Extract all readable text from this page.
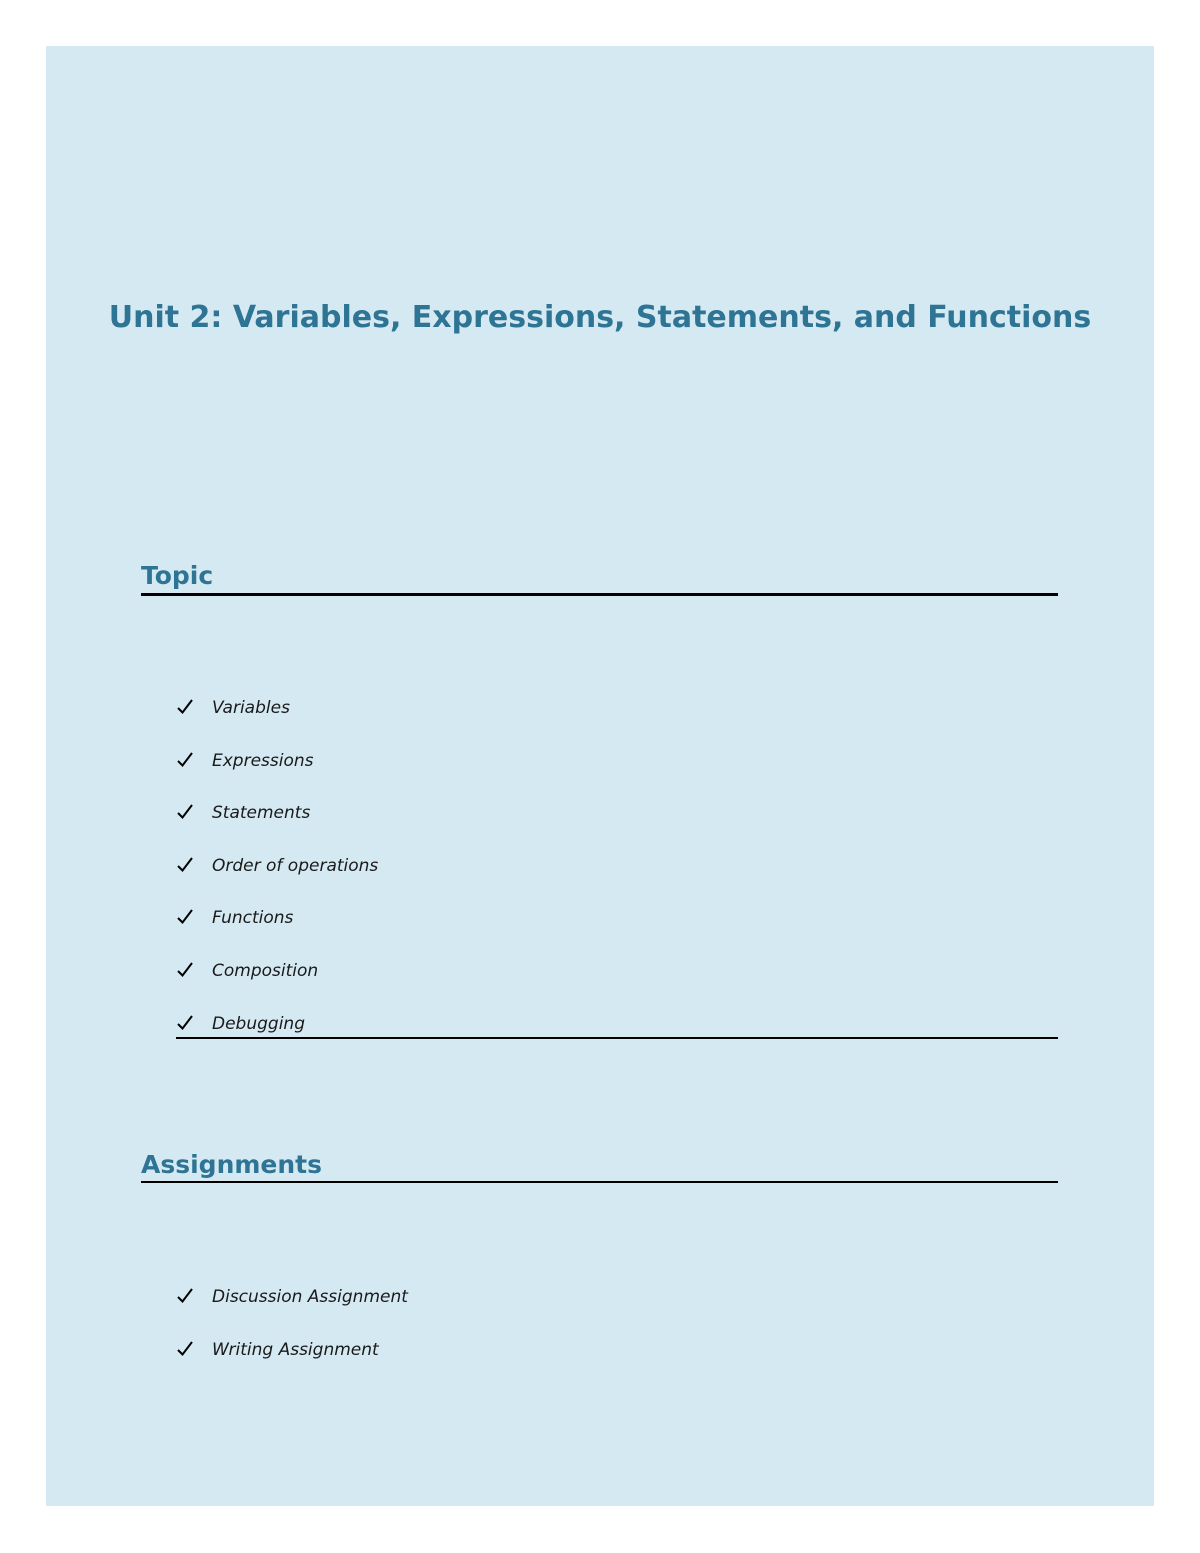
Unit 2: Variables, Expressions, Statements, and Functions
Topic
Variables
Expressions
Statements
Order of operations
Functions
Composition
Debugging
Assignments
Discussion Assignment
Writing Assignment
